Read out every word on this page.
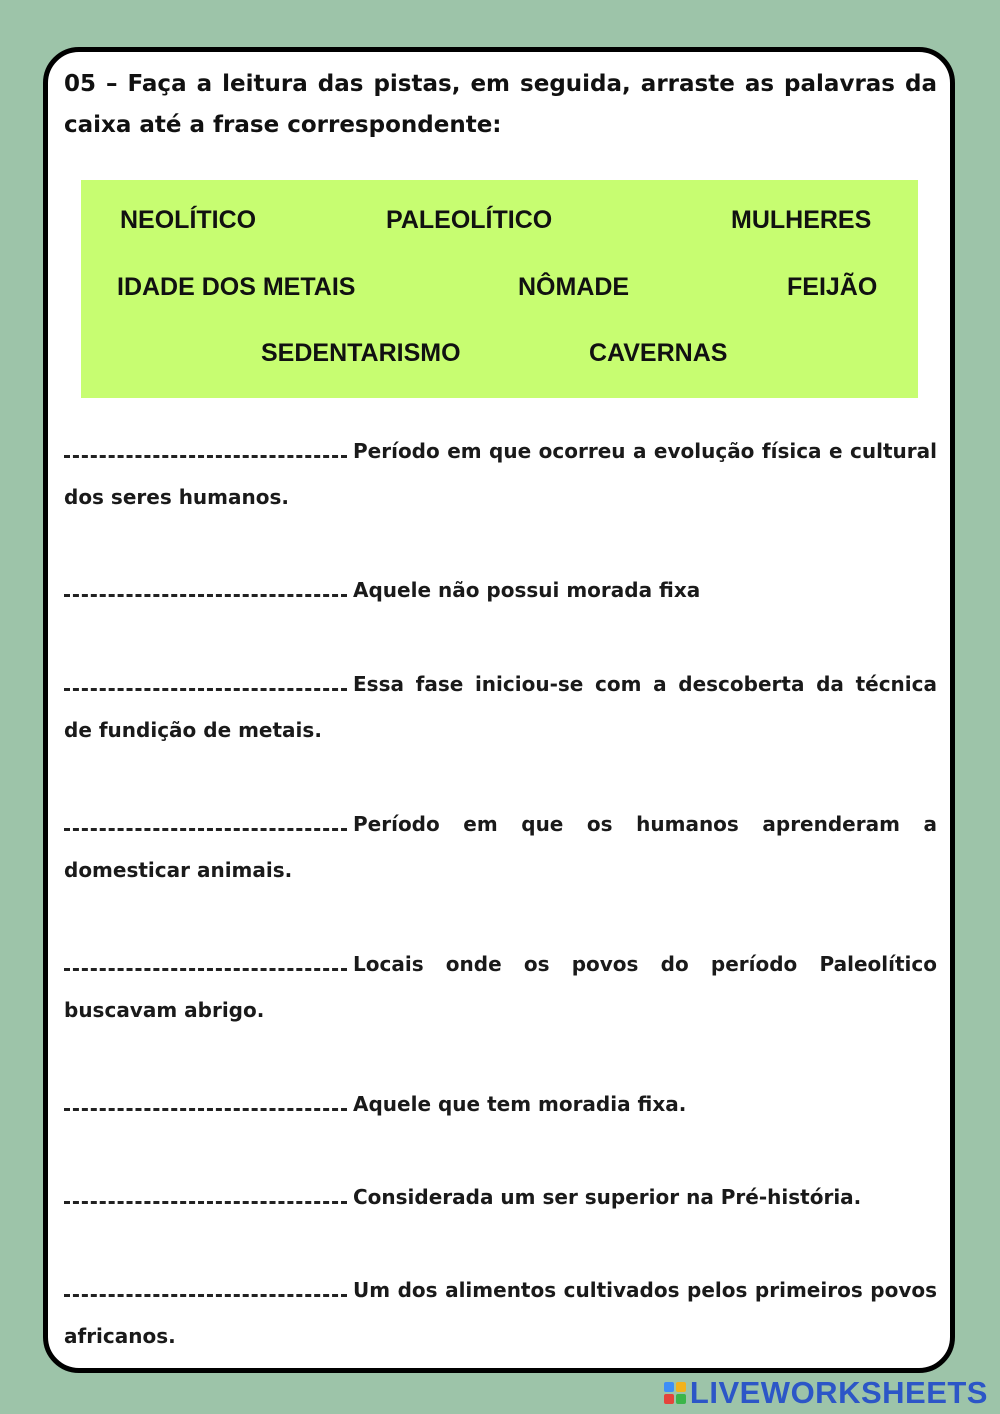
05 – Faça a leitura das pistas, em seguida, arraste as palavras da caixa até a frase correspondente:

NEOLÍTICO	PALEOLÍTICO	MULHERES

IDADE DOS METAIS	NÔMADE	FEIJÃO

SEDENTARISMO	CAVERNAS

Período em que ocorreu a evolução física e cultural dos seres humanos.

Aquele não possui morada fixa

Essa fase iniciou-se com a descoberta da técnica de fundição de metais.

Período em que os humanos aprenderam a domesticar animais.

Locais onde os povos do período Paleolítico buscavam abrigo.

Aquele que tem moradia fixa.

Considerada um ser superior na Pré-história.

Um dos alimentos cultivados pelos primeiros povos africanos.

LIVEWORKSHEETS
